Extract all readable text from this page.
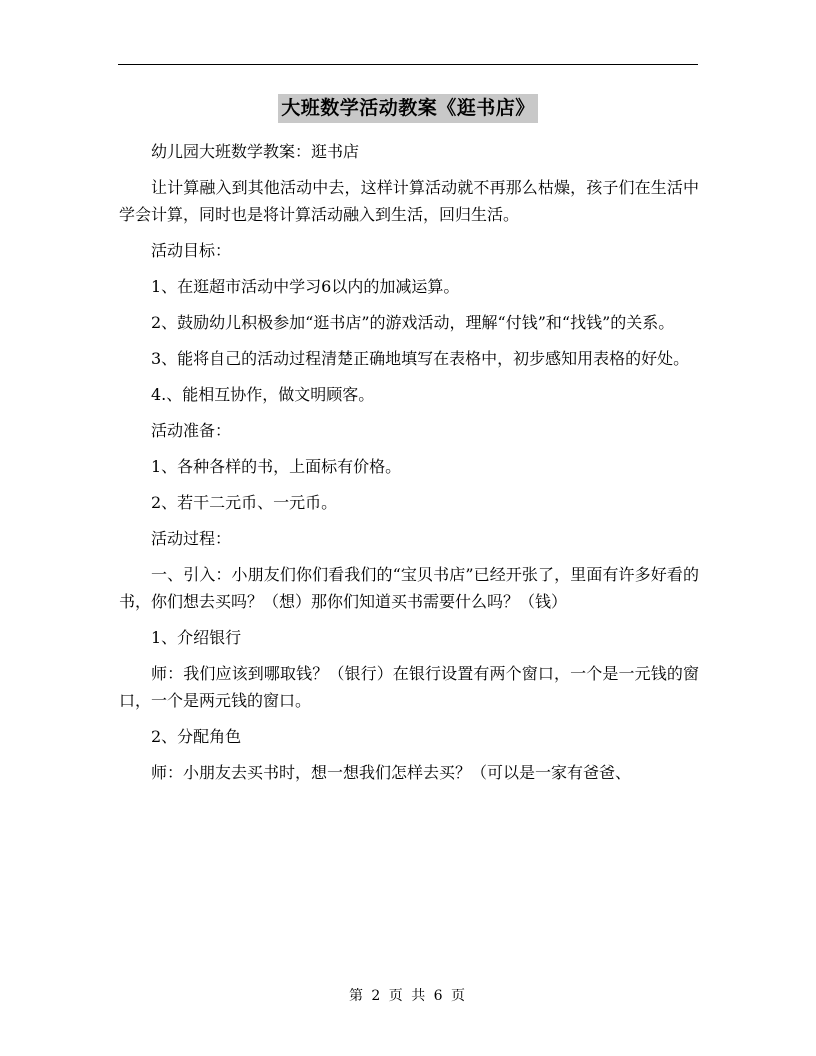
大班数学活动教案《逛书店》

幼儿园大班数学教案：逛书店

让计算融入到其他活动中去，这样计算活动就不再那么枯燥，孩子们在生活中学会计算，同时也是将计算活动融入到生活，回归生活。

活动目标：

1、在逛超市活动中学习6以内的加减运算。

2、鼓励幼儿积极参加“逛书店”的游戏活动，理解“付钱”和“找钱”的关系。

3、能将自己的活动过程清楚正确地填写在表格中，初步感知用表格的好处。

4.、能相互协作，做文明顾客。

活动准备：

1、各种各样的书，上面标有价格。

2、若干二元币、一元币。

活动过程：

一、引入：小朋友们你们看我们的“宝贝书店”已经开张了，里面有许多好看的书，你们想去买吗？（想）那你们知道买书需要什么吗？（钱）

1、介绍银行

师：我们应该到哪取钱？（银行）在银行设置有两个窗口，一个是一元钱的窗口，一个是两元钱的窗口。

2、分配角色

师：小朋友去买书时，想一想我们怎样去买？（可以是一家有爸爸、

第 2 页 共 6 页
